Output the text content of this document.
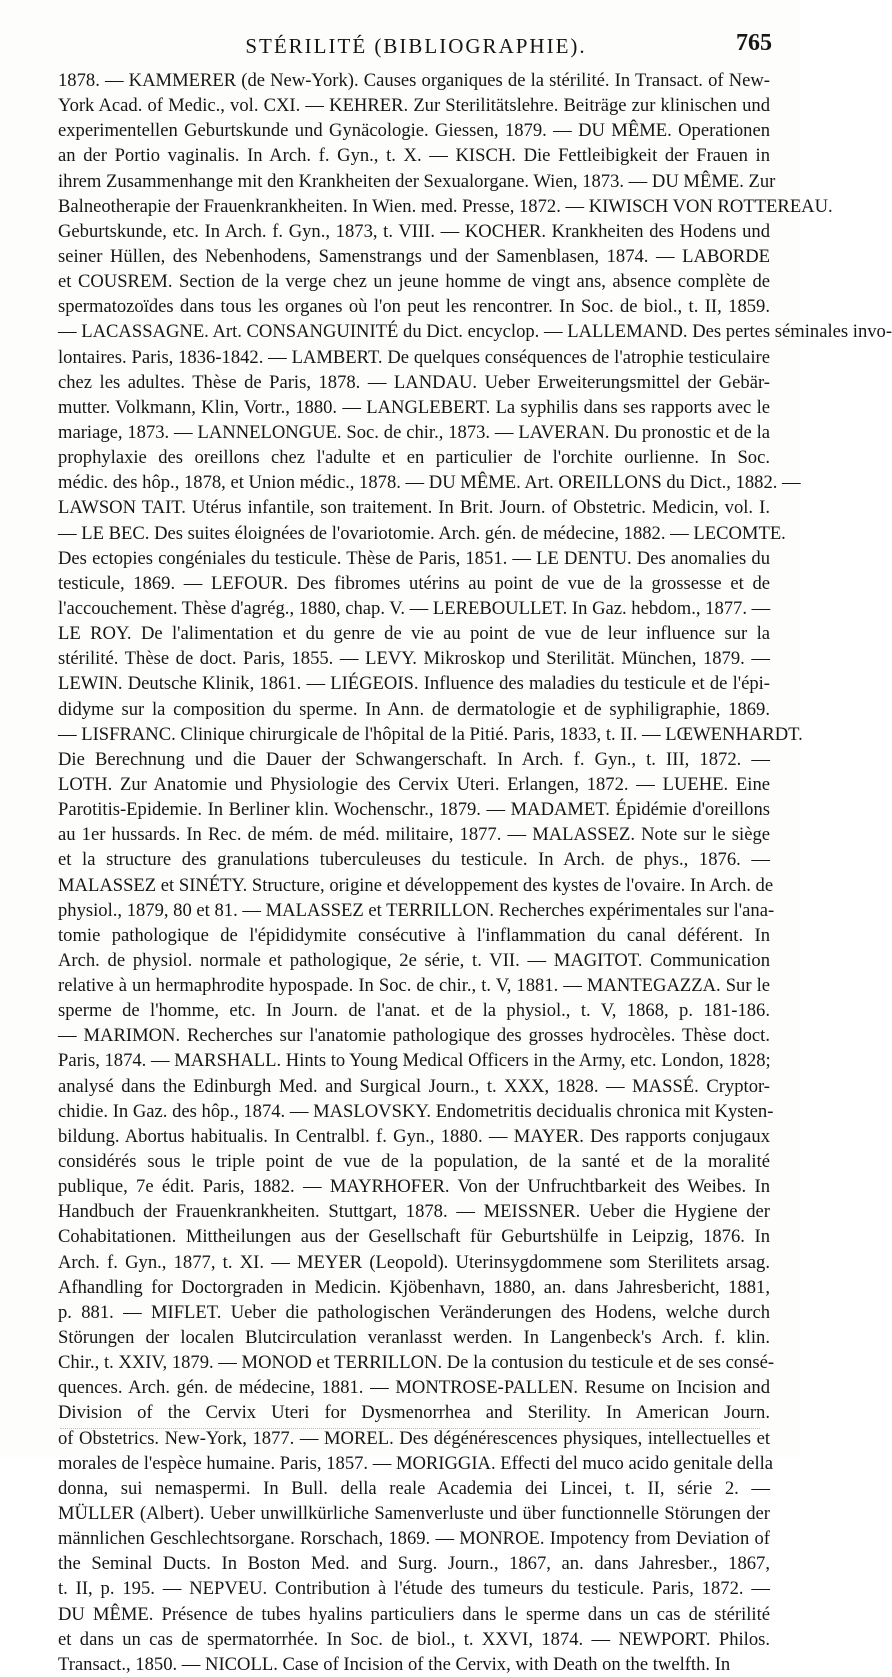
STÉRILITÉ (BIBLIOGRAPHIE).	765
1878. — KAMMERER (de New-York). Causes organiques de la stérilité. In Transact. of New-
York Acad. of Medic., vol. CXI. — KEHRER. Zur Sterilitätslehre. Beiträge zur klinischen und
experimentellen Geburtskunde und Gynäcologie. Giessen, 1879. — DU MÊME. Operationen
an der Portio vaginalis. In Arch. f. Gyn., t. X. — KISCH. Die Fettleibigkeit der Frauen in
ihrem Zusammenhange mit den Krankheiten der Sexualorgane. Wien, 1873. — DU MÊME. Zur
Balneotherapie der Frauenkrankheiten. In Wien. med. Presse, 1872. — KIWISCH VON ROTTEREAU.
Geburtskunde, etc. In Arch. f. Gyn., 1873, t. VIII. — KOCHER. Krankheiten des Hodens und
seiner Hüllen, des Nebenhodens, Samenstrangs und der Samenblasen, 1874. — LABORDE
et COUSREM. Section de la verge chez un jeune homme de vingt ans, absence complète de
spermatozoïdes dans tous les organes où l'on peut les rencontrer. In Soc. de biol., t. II, 1859.
— LACASSAGNE. Art. CONSANGUINITÉ du Dict. encyclop. — LALLEMAND. Des pertes séminales invo-
lontaires. Paris, 1836-1842. — LAMBERT. De quelques conséquences de l'atrophie testiculaire
chez les adultes. Thèse de Paris, 1878. — LANDAU. Ueber Erweiterungsmittel der Gebär-
mutter. Volkmann, Klin, Vortr., 1880. — LANGLEBERT. La syphilis dans ses rapports avec le
mariage, 1873. — LANNELONGUE. Soc. de chir., 1873. — LAVERAN. Du pronostic et de la
prophylaxie des oreillons chez l'adulte et en particulier de l'orchite ourlienne. In Soc.
médic. des hôp., 1878, et Union médic., 1878. — DU MÊME. Art. OREILLONS du Dict., 1882. —
LAWSON TAIT. Utérus infantile, son traitement. In Brit. Journ. of Obstetric. Medicin, vol. I.
— LE BEC. Des suites éloignées de l'ovariotomie. Arch. gén. de médecine, 1882. — LECOMTE.
Des ectopies congéniales du testicule. Thèse de Paris, 1851. — LE DENTU. Des anomalies du
testicule, 1869. — LEFOUR. Des fibromes utérins au point de vue de la grossesse et de
l'accouchement. Thèse d'agrég., 1880, chap. V. — LEREBOULLET. In Gaz. hebdom., 1877. —
LE ROY. De l'alimentation et du genre de vie au point de vue de leur influence sur la
stérilité. Thèse de doct. Paris, 1855. — LEVY. Mikroskop und Sterilität. München, 1879. —
LEWIN. Deutsche Klinik, 1861. — LIÉGEOIS. Influence des maladies du testicule et de l'épi-
didyme sur la composition du sperme. In Ann. de dermatologie et de syphiligraphie, 1869.
— LISFRANC. Clinique chirurgicale de l'hôpital de la Pitié. Paris, 1833, t. II. — LŒWENHARDT.
Die Berechnung und die Dauer der Schwangerschaft. In Arch. f. Gyn., t. III, 1872. —
LOTH. Zur Anatomie und Physiologie des Cervix Uteri. Erlangen, 1872. — LUEHE. Eine
Parotitis-Epidemie. In Berliner klin. Wochenschr., 1879. — MADAMET. Épidémie d'oreillons
au 1er hussards. In Rec. de mém. de méd. militaire, 1877. — MALASSEZ. Note sur le siège
et la structure des granulations tuberculeuses du testicule. In Arch. de phys., 1876. —
MALASSEZ et SINÉTY. Structure, origine et développement des kystes de l'ovaire. In Arch. de
physiol., 1879, 80 et 81. — MALASSEZ et TERRILLON. Recherches expérimentales sur l'ana-
tomie pathologique de l'épididymite consécutive à l'inflammation du canal déférent. In
Arch. de physiol. normale et pathologique, 2e série, t. VII. — MAGITOT. Communication
relative à un hermaphrodite hypospade. In Soc. de chir., t. V, 1881. — MANTEGAZZA. Sur le
sperme de l'homme, etc. In Journ. de l'anat. et de la physiol., t. V, 1868, p. 181-186.
— MARIMON. Recherches sur l'anatomie pathologique des grosses hydrocèles. Thèse doct.
Paris, 1874. — MARSHALL. Hints to Young Medical Officers in the Army, etc. London, 1828;
analysé dans the Edinburgh Med. and Surgical Journ., t. XXX, 1828. — MASSÉ. Cryptor-
chidie. In Gaz. des hôp., 1874. — MASLOVSKY. Endometritis decidualis chronica mit Kysten-
bildung. Abortus habitualis. In Centralbl. f. Gyn., 1880. — MAYER. Des rapports conjugaux
considérés sous le triple point de vue de la population, de la santé et de la moralité
publique, 7e édit. Paris, 1882. — MAYRHOFER. Von der Unfruchtbarkeit des Weibes. In
Handbuch der Frauenkrankheiten. Stuttgart, 1878. — MEISSNER. Ueber die Hygiene der
Cohabitationen. Mittheilungen aus der Gesellschaft für Geburtshülfe in Leipzig, 1876. In
Arch. f. Gyn., 1877, t. XI. — MEYER (Leopold). Uterinsygdommene som Sterilitets arsag.
Afhandling for Doctorgraden in Medicin. Kjöbenhavn, 1880, an. dans Jahresbericht, 1881,
p. 881. — MIFLET. Ueber die pathologischen Veränderungen des Hodens, welche durch
Störungen der localen Blutcirculation veranlasst werden. In Langenbeck's Arch. f. klin.
Chir., t. XXIV, 1879. — MONOD et TERRILLON. De la contusion du testicule et de ses consé-
quences. Arch. gén. de médecine, 1881. — MONTROSE-PALLEN. Resume on Incision and
Division of the Cervix Uteri for Dysmenorrhea and Sterility. In American Journ.
of Obstetrics. New-York, 1877. — MOREL. Des dégénérescences physiques, intellectuelles et
morales de l'espèce humaine. Paris, 1857. — MORIGGIA. Effecti del muco acido genitale della
donna, sui nemaspermi. In Bull. della reale Academia dei Lincei, t. II, série 2. —
MÜLLER (Albert). Ueber unwillkürliche Samenverluste und über functionnelle Störungen der
männlichen Geschlechtsorgane. Rorschach, 1869. — MONROE. Impotency from Deviation of
the Seminal Ducts. In Boston Med. and Surg. Journ., 1867, an. dans Jahresber., 1867,
t. II, p. 195. — NEPVEU. Contribution à l'étude des tumeurs du testicule. Paris, 1872. —
DU MÊME. Présence de tubes hyalins particuliers dans le sperme dans un cas de stérilité
et dans un cas de spermatorrhée. In Soc. de biol., t. XXVI, 1874. — NEWPORT. Philos.
Transact., 1850. — NICOLL. Case of Incision of the Cervix, with Death on the twelfth. In
